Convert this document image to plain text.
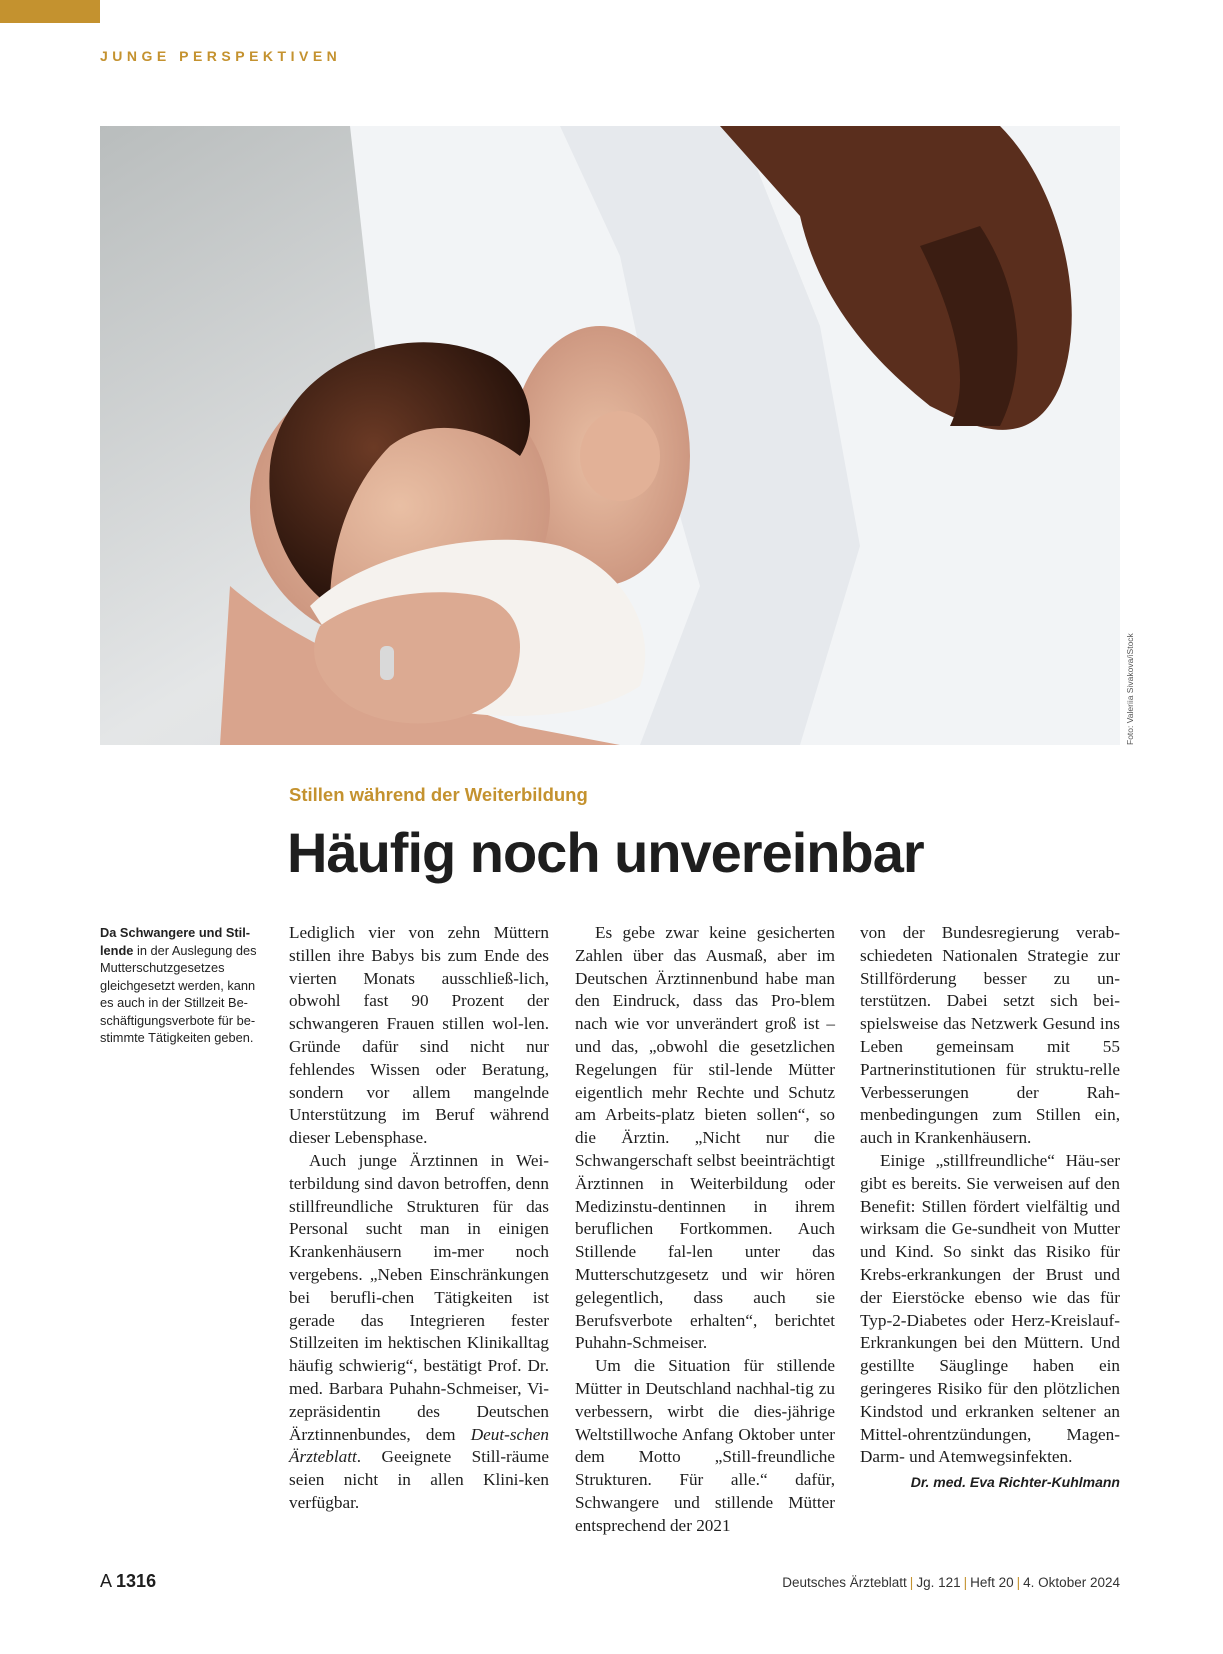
JUNGE PERSPEKTIVEN
Foto: Valeriia Sivakova/iStock
Stillen während der Weiterbildung
Häufig noch unvereinbar
Da Schwangere und Stil-lende in der Auslegung des Mutterschutzgesetzes gleichgesetzt werden, kann es auch in der Stillzeit Be-schäftigungsverbote für be-stimmte Tätigkeiten geben.

Lediglich vier von zehn Müttern stillen ihre Babys bis zum Ende des vierten Monats ausschließ-lich, obwohl fast 90 Prozent der schwangeren Frauen stillen wol-len. Gründe dafür sind nicht nur fehlendes Wissen oder Beratung, sondern vor allem mangelnde Unterstützung im Beruf während dieser Lebensphase.

Auch junge Ärztinnen in Wei-terbildung sind davon betroffen, denn stillfreundliche Strukturen für das Personal sucht man in einigen Krankenhäusern im-mer noch vergebens. „Neben Einschränkungen bei berufli-chen Tätigkeiten ist gerade das Integrieren fester Stillzeiten im hektischen Klinikalltag häufig schwierig“, bestätigt Prof. Dr. med. Barbara Puhahn-Schmeiser, Vi-zepräsidentin des Deutschen Ärztinnenbundes, dem Deut-schen Ärzteblatt. Geeignete Still-räume seien nicht in allen Klini-ken verfügbar.

Es gebe zwar keine gesicherten Zahlen über das Ausmaß, aber im Deutschen Ärztinnenbund habe man den Eindruck, dass das Pro-blem nach wie vor unverändert groß ist – und das, „obwohl die gesetzlichen Regelungen für stil-lende Mütter eigentlich mehr Rechte und Schutz am Arbeits-platz bieten sollen“, so die Ärztin. „Nicht nur die Schwangerschaft selbst beeinträchtigt Ärztinnen in Weiterbildung oder Medizinstu-dentinnen in ihrem beruflichen Fortkommen. Auch Stillende fal-len unter das Mutterschutzgesetz und wir hören gelegentlich, dass auch sie Berufsverbote erhalten“, berichtet Puhahn-Schmeiser.

Um die Situation für stillende Mütter in Deutschland nachhal-tig zu verbessern, wirbt die dies-jährige Weltstillwoche Anfang Oktober unter dem Motto „Still-freundliche Strukturen. Für alle.“ dafür, Schwangere und stillende Mütter entsprechend der 2021

von der Bundesregierung verab-schiedeten Nationalen Strategie zur Stillförderung besser zu un-terstützen. Dabei setzt sich bei-spielsweise das Netzwerk Gesund ins Leben gemeinsam mit 55 Partnerinstitutionen für struktu-relle Verbesserungen der Rah-menbedingungen zum Stillen ein, auch in Krankenhäusern.

Einige „stillfreundliche“ Häu-ser gibt es bereits. Sie verweisen auf den Benefit: Stillen fördert vielfältig und wirksam die Ge-sundheit von Mutter und Kind. So sinkt das Risiko für Krebs-erkrankungen der Brust und der Eierstöcke ebenso wie das für Typ-2-Diabetes oder Herz-Kreislauf-Erkrankungen bei den Müttern. Und gestillte Säuglinge haben ein geringeres Risiko für den plötzlichen Kindstod und erkranken seltener an Mittel-ohrentzündungen, Magen-Darm- und Atemwegsinfekten.

Dr. med. Eva Richter-Kuhlmann
A 1316	Deutsches Ärzteblatt | Jg. 121 | Heft 20 | 4. Oktober 2024
